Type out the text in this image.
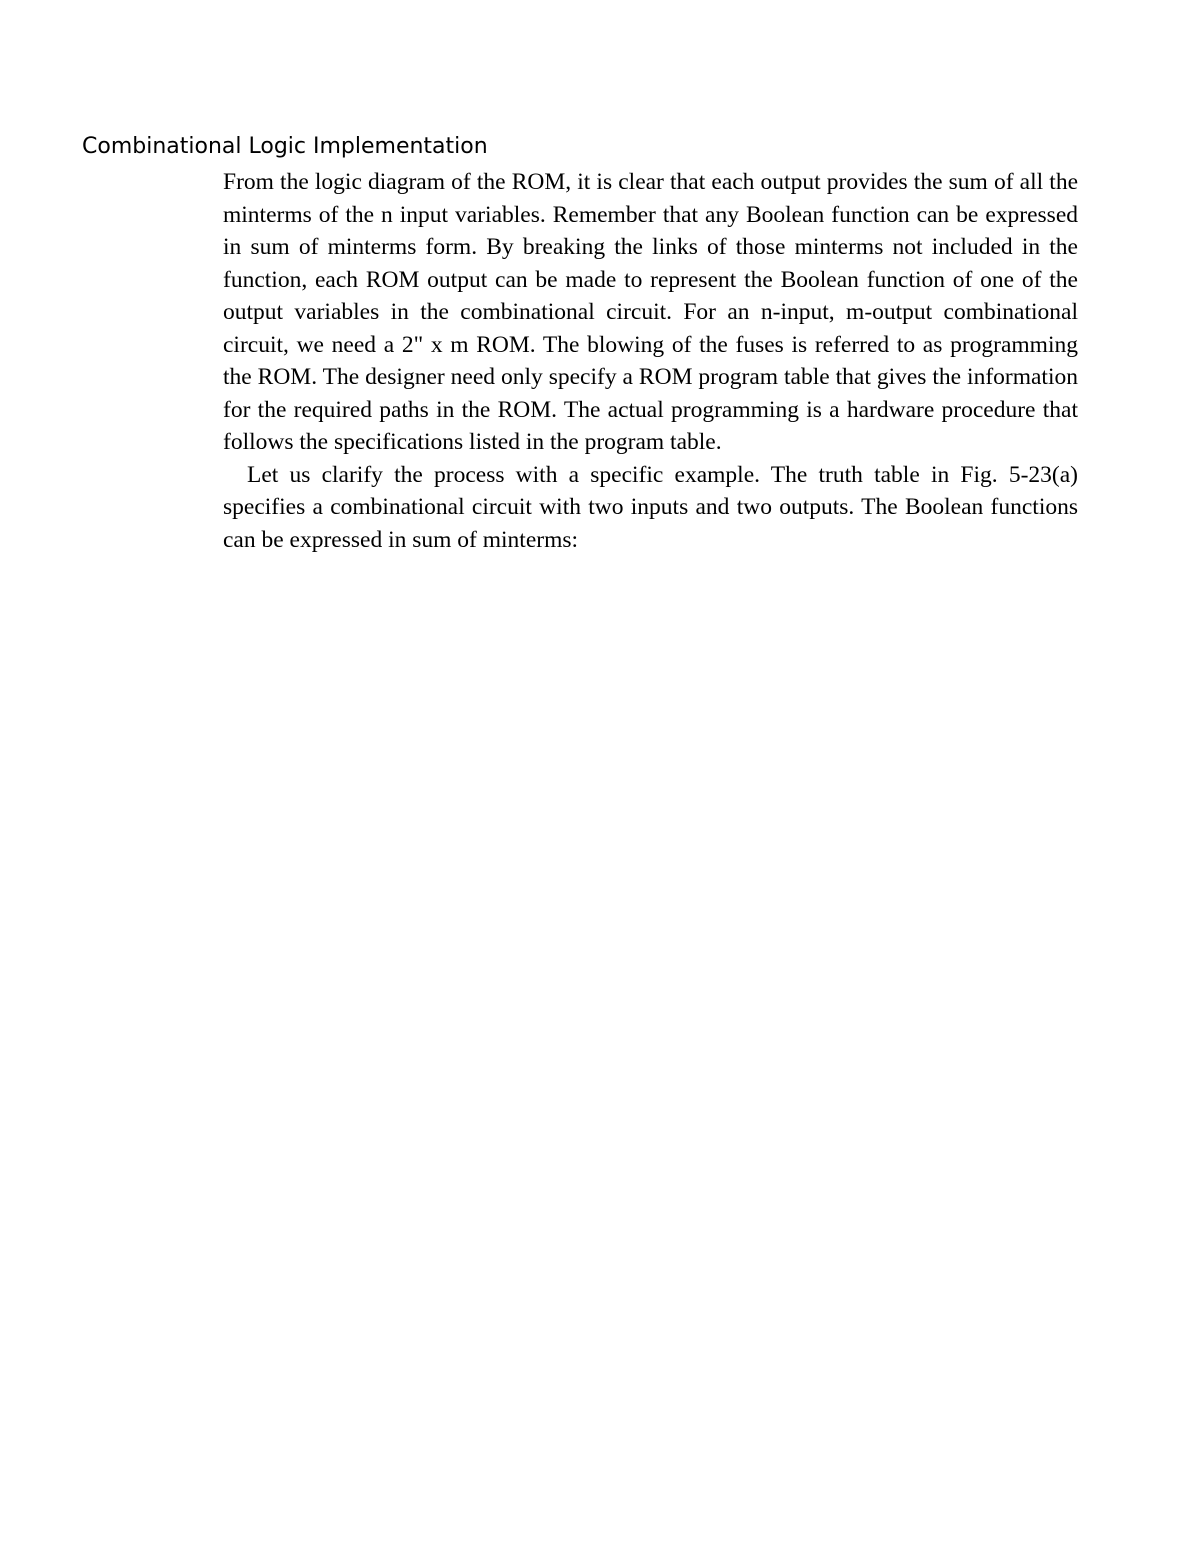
Combinational Logic Implementation

From the logic diagram of the ROM, it is clear that each output provides the sum of all the minterms of the n input variables. Remember that any Boolean function can be expressed in sum of minterms form. By breaking the links of those minterms not included in the function, each ROM output can be made to represent the Boolean function of one of the output variables in the combinational circuit. For an n-input, m-output combinational circuit, we need a 2" x m ROM. The blowing of the fuses is referred to as programming the ROM. The designer need only specify a ROM program table that gives the information for the required paths in the ROM. The actual programming is a hardware procedure that follows the specifications listed in the program table.

Let us clarify the process with a specific example. The truth table in Fig. 5-23(a) specifies a combinational circuit with two inputs and two outputs. The Boolean functions can be expressed in sum of minterms:
